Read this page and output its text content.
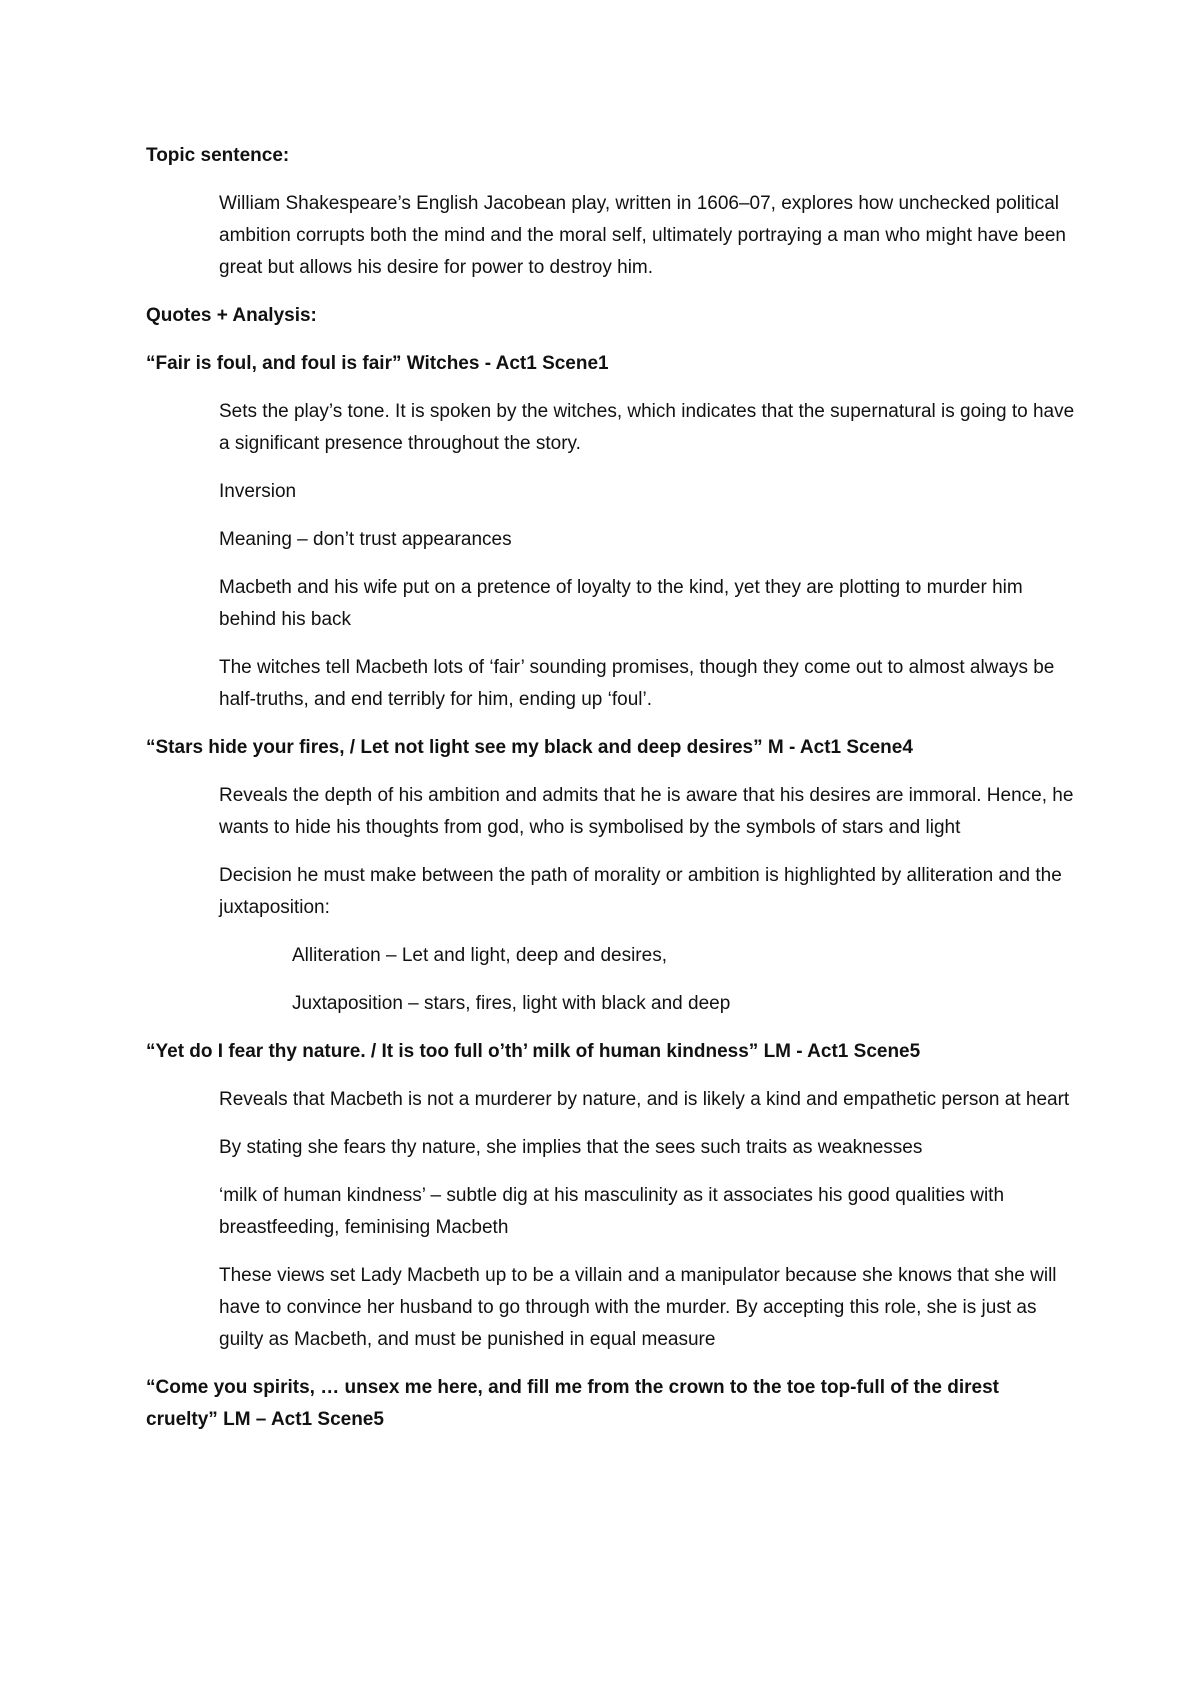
Topic sentence:
William Shakespeare’s English Jacobean play, written in 1606–07, explores how unchecked political ambition corrupts both the mind and the moral self, ultimately portraying a man who might have been great but allows his desire for power to destroy him.
Quotes + Analysis:
“Fair is foul, and foul is fair” Witches - Act1 Scene1
Sets the play’s tone. It is spoken by the witches, which indicates that the supernatural is going to have a significant presence throughout the story.
Inversion
Meaning – don’t trust appearances
Macbeth and his wife put on a pretence of loyalty to the kind, yet they are plotting to murder him behind his back
The witches tell Macbeth lots of ‘fair’ sounding promises, though they come out to almost always be half-truths, and end terribly for him, ending up ‘foul’.
“Stars hide your fires, / Let not light see my black and deep desires” M - Act1 Scene4
Reveals the depth of his ambition and admits that he is aware that his desires are immoral. Hence, he wants to hide his thoughts from god, who is symbolised by the symbols of stars and light
Decision he must make between the path of morality or ambition is highlighted by alliteration and the juxtaposition:
Alliteration – Let and light, deep and desires,
Juxtaposition – stars, fires, light with black and deep
“Yet do I fear thy nature. / It is too full o’th’ milk of human kindness” LM - Act1 Scene5
Reveals that Macbeth is not a murderer by nature, and is likely a kind and empathetic person at heart
By stating she fears thy nature, she implies that the sees such traits as weaknesses
‘milk of human kindness’ – subtle dig at his masculinity as it associates his good qualities with breastfeeding, feminising Macbeth
These views set Lady Macbeth up to be a villain and a manipulator because she knows that she will have to convince her husband to go through with the murder. By accepting this role, she is just as guilty as Macbeth, and must be punished in equal measure
“Come you spirits, … unsex me here, and fill me from the crown to the toe top-full of the direst cruelty” LM – Act1 Scene5
